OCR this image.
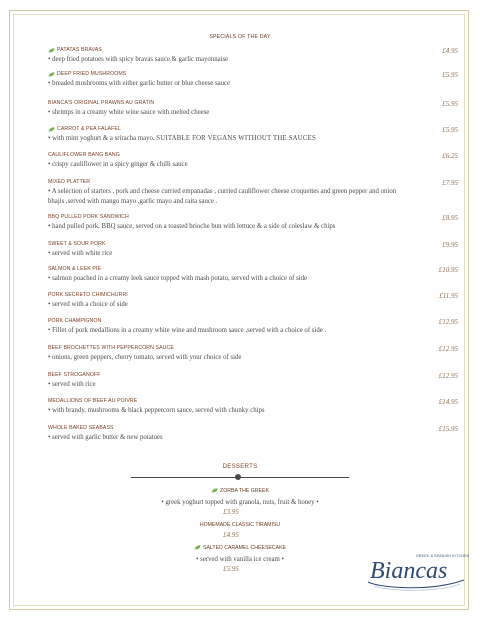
SPECIALS OF THE DAY
PATATAS BRAVAS
• deep fried potatoes with spicy bravas sauce & garlic mayonnaise
£4.95
DEEP FRIED MUSHROOMS
• breaded mushrooms with either garlic butter or blue cheese sauce
£5.95
BIANCA'S ORIGINAL PRAWNS AU GRATIN
• shrimps in a creamy white wine sauce with melted cheese
£5.95
CARROT & PEA FALAFEL
• with mint yoghurt & a sriracha mayo. SUITABLE FOR VEGANS WITHOUT THE SAUCES
£5.95
CAULIFLOWER BANG BANG
• crispy cauliflower in a spicy ginger & chilli sauce
£6.25
MIXED PLATTER
• A selection of starters , pork and cheese curried empanadas , curried cauliflower cheese croquettes and green pepper and onion bhajis ,served with mango mayo ,garlic mayo and raita sauce .
£7.95
BBQ PULLED PORK SANDWICH
• hand pulled pork, BBQ sauce, served on a toasted brioche bun with lettuce & a side of coleslaw & chips
£8.95
SWEET & SOUR PORK
• served with white rice
£9.95
SALMON & LEEK PIE
• salmon poached in a creamy leek sauce topped with mash potato, served with a choice of side
£10.95
PORK SECRETO CHIMICHURRI
• served with a choice of side
£11.95
PORK CHAMPIGNON
• Fillet of pork medallions in a creamy white wine and mushroom sauce ,served with a choice of side .
£12.95
BEEF BROCHETTES WITH PEPPERCORN SAUCE
• onions, green peppers, cherry tomato, served with your choice of side
£12.95
BEEF STROGANOFF
• served with rice
£12.95
MEDALLIONS OF BEEF AU POIVRE
• with brandy, mushrooms & black peppercorn sauce, served with chunky chips
£14.95
WHOLE BAKED SEABASS
• served with garlic butter & new potatoes
£15.95
DESSERTS
ZORBA THE GREEK
• greek yoghurt topped with granola, nuts, fruit & honey •
£3.95
HOMEMADE CLASSIC TIRAMISU
£4.95
SALTED CARAMEL CHEESECAKE
• served with vanilla ice cream •
£5.95	Biancas
GREEK & SPANISH KITCHEN
